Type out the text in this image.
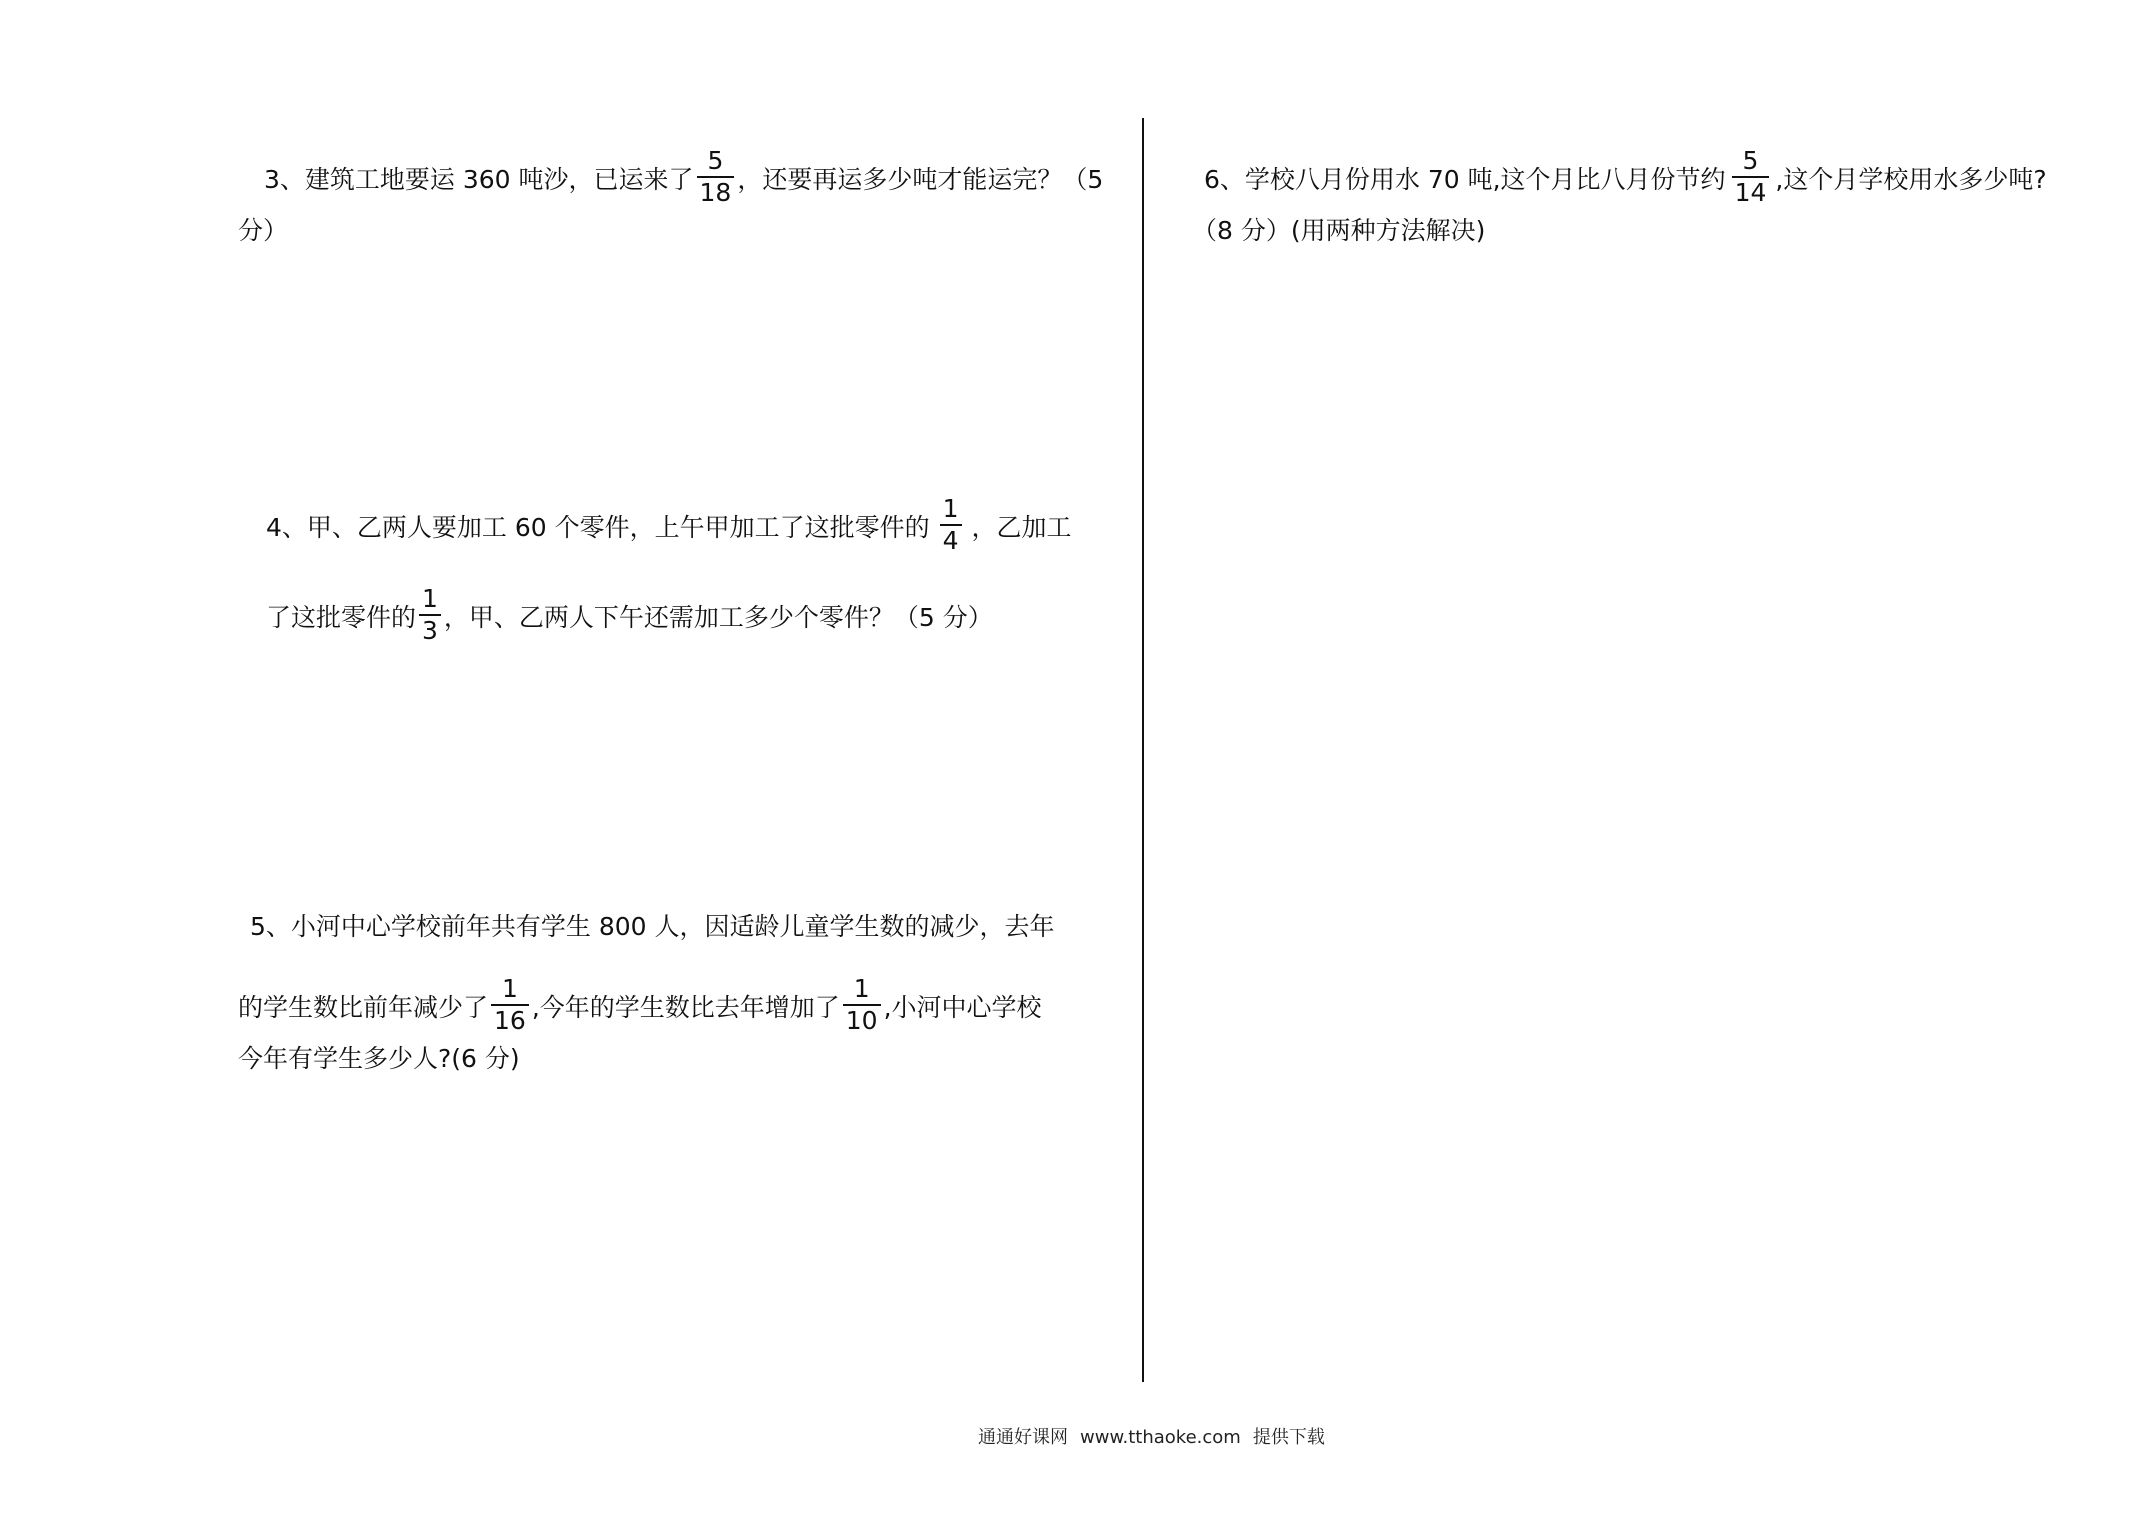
3、建筑工地要运 360 吨沙，已运来了 $\frac{5}{18}$ ，还要再运多少吨才能运完？（5
分）
4、甲、乙两人要加工 60 个零件，上午甲加工了这批零件的 $\frac{1}{4}$ ，乙加工
了这批零件的 $\frac{1}{3}$ ，甲、乙两人下午还需加工多少个零件？（5 分）
5、小河中心学校前年共有学生 800 人，因适龄儿童学生数的减少，去年
的学生数比前年减少了 $\frac{1}{16}$ ,今年的学生数比去年增加了 $\frac{1}{10}$ ,小河中心学校
今年有学生多少人?(6 分)
6、学校八月份用水 70 吨,这个月比八月份节约 $\frac{5}{14}$ ,这个月学校用水多少吨?
（8 分）(用两种方法解决)
通通好课网 www.tthaoke.com 提供下载
